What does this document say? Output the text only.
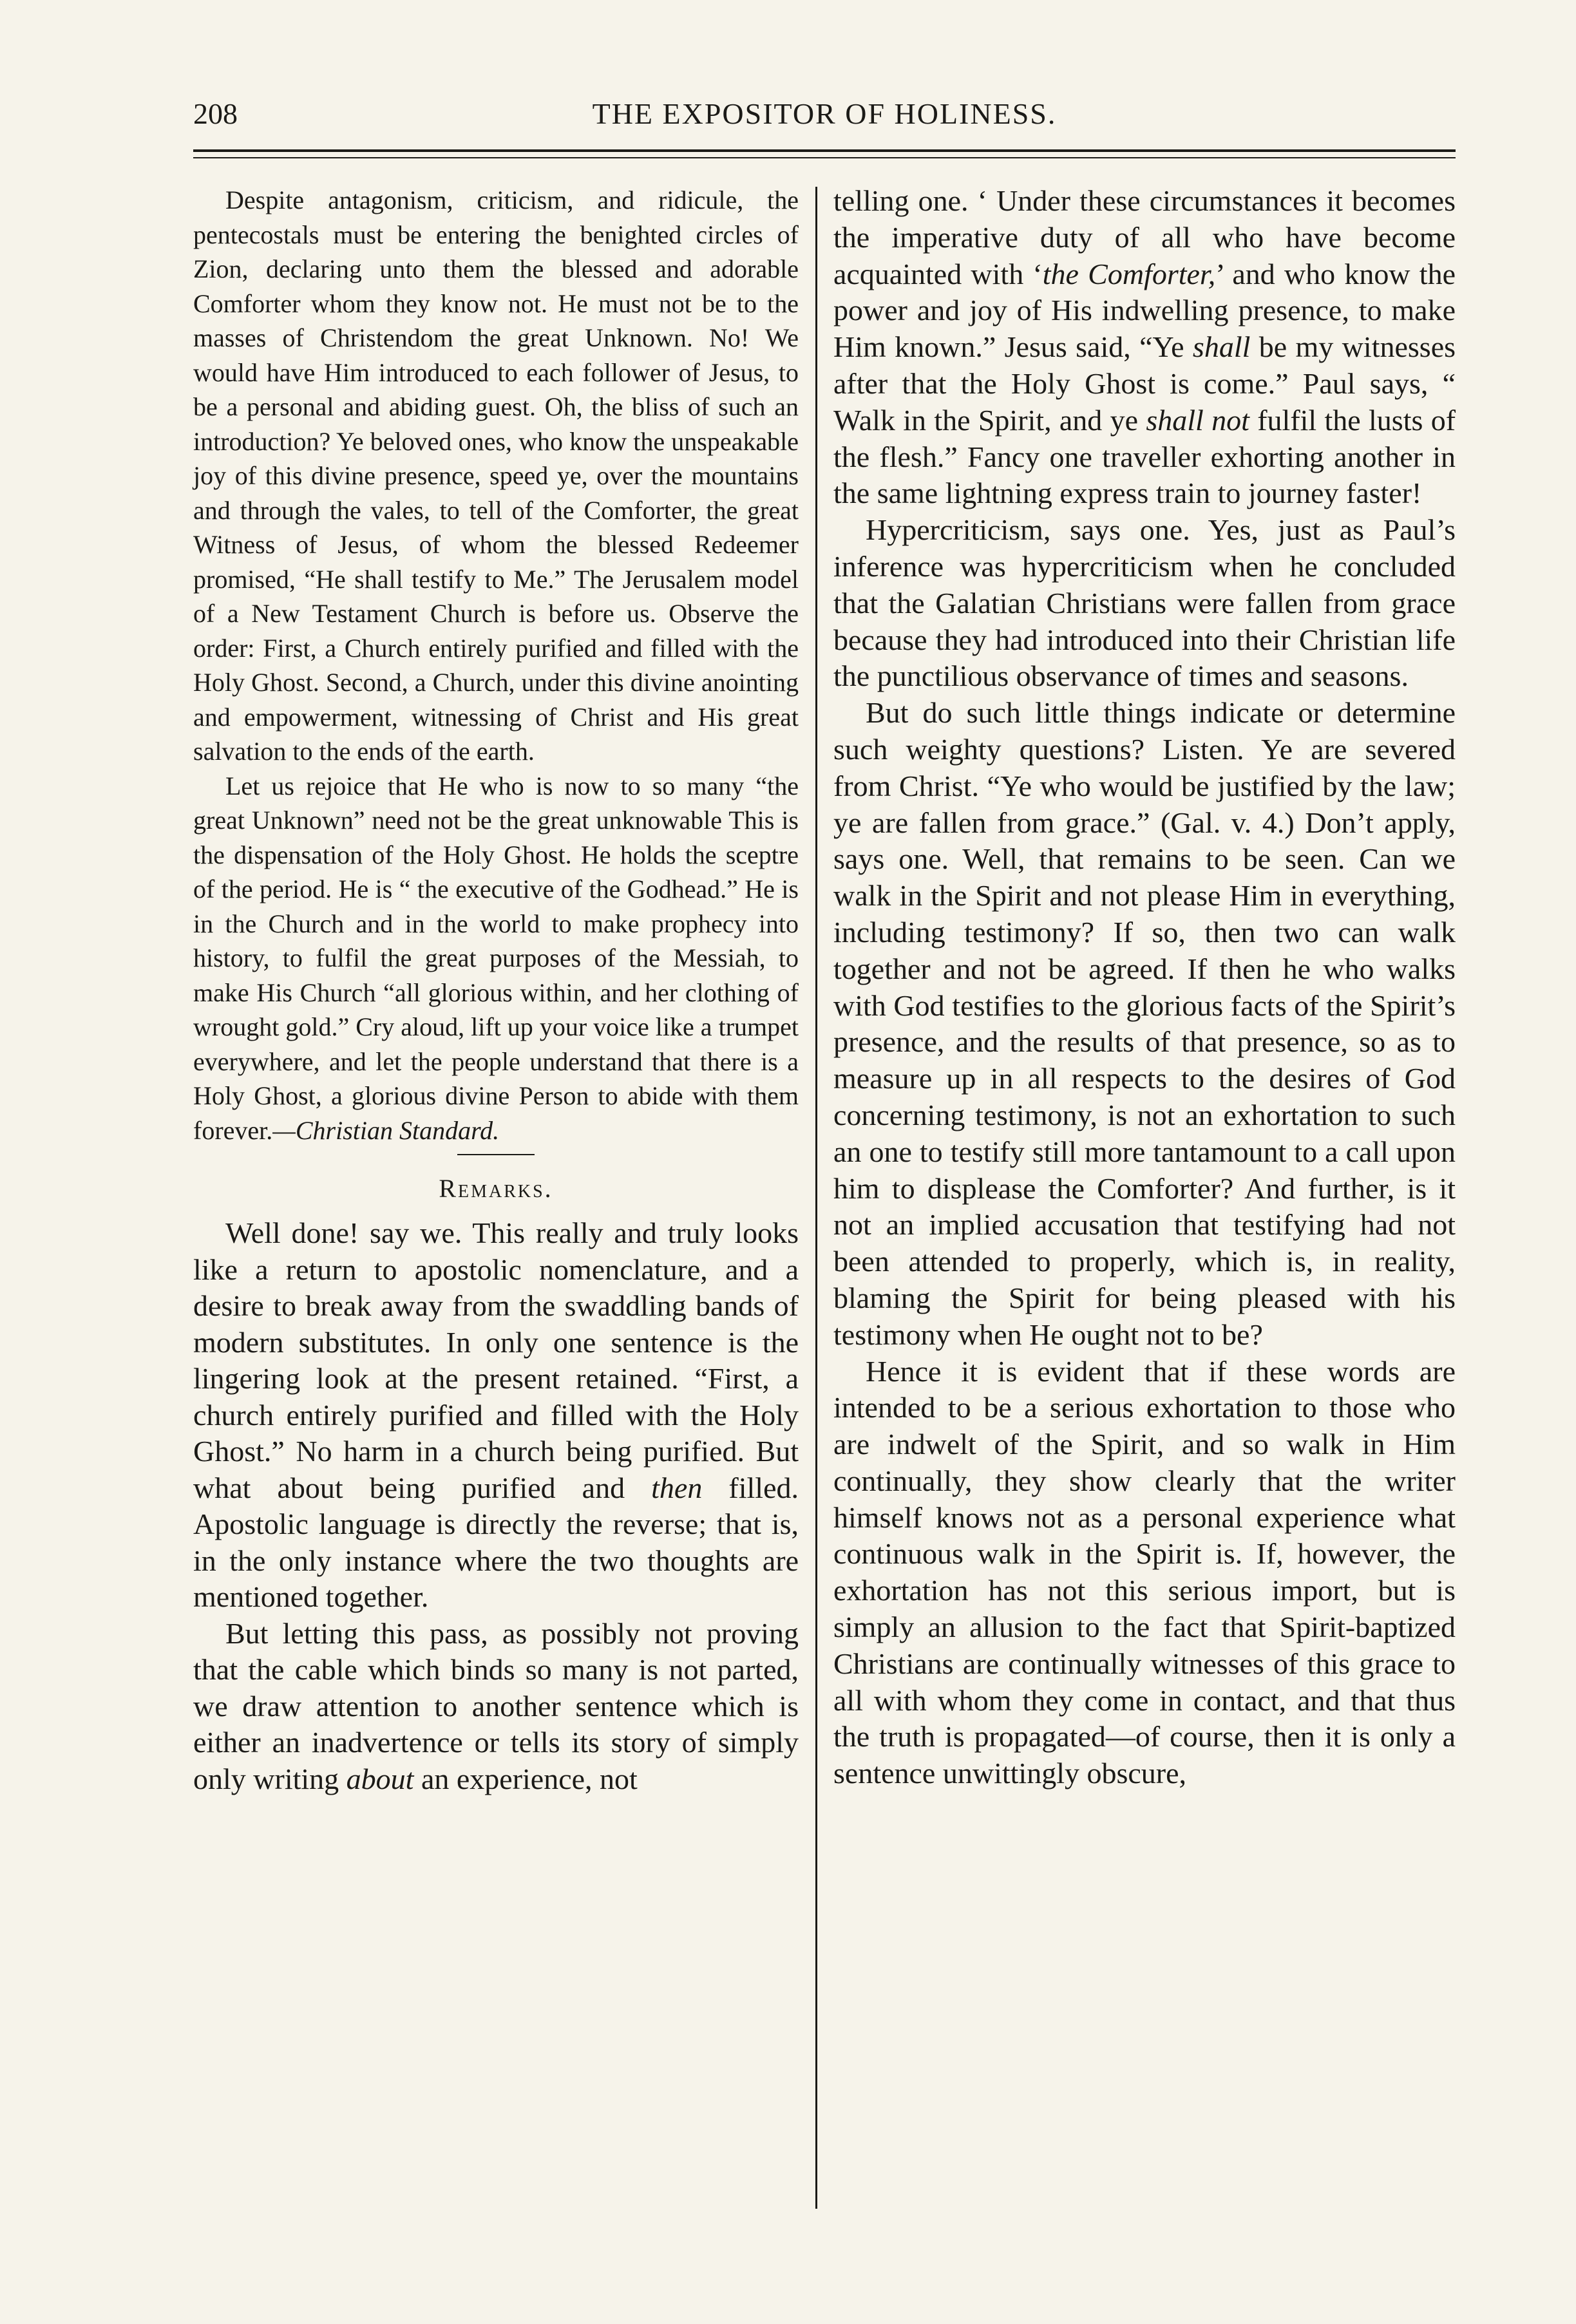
208	THE EXPOSITOR OF HOLINESS.

Despite antagonism, criticism, and ridicule, the pentecostals must be entering the benighted circles of Zion, declaring unto them the blessed and adorable Comforter whom they know not. He must not be to the masses of Christendom the great Unknown. No! We would have Him introduced to each follower of Jesus, to be a personal and abiding guest. Oh, the bliss of such an introduction? Ye beloved ones, who know the unspeakable joy of this divine presence, speed ye, over the mountains and through the vales, to tell of the Comforter, the great Witness of Jesus, of whom the blessed Redeemer promised, “He shall testify to Me.” The Jerusalem model of a New Testament Church is before us. Observe the order: First, a Church entirely purified and filled with the Holy Ghost. Second, a Church, under this divine anointing and empowerment, witnessing of Christ and His great salvation to the ends of the earth.

Let us rejoice that He who is now to so many “the great Unknown” need not be the great unknowable This is the dispensation of the Holy Ghost. He holds the sceptre of the period. He is “ the executive of the Godhead.” He is in the Church and in the world to make prophecy into history, to fulfil the great purposes of the Messiah, to make His Church “all glorious within, and her clothing of wrought gold.” Cry aloud, lift up your voice like a trumpet everywhere, and let the people understand that there is a Holy Ghost, a glorious divine Person to abide with them forever.—Christian Standard.

Remarks.

Well done! say we. This really and truly looks like a return to apostolic nomenclature, and a desire to break away from the swaddling bands of modern substitutes. In only one sentence is the lingering look at the present retained. “First, a church entirely purified and filled with the Holy Ghost.” No harm in a church being purified. But what about being purified and then filled. Apostolic language is directly the reverse; that is, in the only instance where the two thoughts are mentioned together.

But letting this pass, as possibly not proving that the cable which binds so many is not parted, we draw attention to another sentence which is either an inadvertence or tells its story of simply only writing about an experience, not

telling one. ‘ Under these circumstances it becomes the imperative duty of all who have become acquainted with ‘the Comforter,’ and who know the power and joy of His indwelling presence, to make Him known.” Jesus said, “Ye shall be my witnesses after that the Holy Ghost is come.” Paul says, “ Walk in the Spirit, and ye shall not fulfil the lusts of the flesh.” Fancy one traveller exhorting another in the same lightning express train to journey faster!

Hypercriticism, says one. Yes, just as Paul’s inference was hypercriticism when he concluded that the Galatian Christians were fallen from grace because they had introduced into their Christian life the punctilious observance of times and seasons.

But do such little things indicate or determine such weighty questions? Listen. Ye are severed from Christ. “Ye who would be justified by the law; ye are fallen from grace.” (Gal. v. 4.) Don’t apply, says one. Well, that remains to be seen. Can we walk in the Spirit and not please Him in everything, including testimony? If so, then two can walk together and not be agreed. If then he who walks with God testifies to the glorious facts of the Spirit’s presence, and the results of that presence, so as to measure up in all respects to the desires of God concerning testimony, is not an exhortation to such an one to testify still more tantamount to a call upon him to displease the Comforter? And further, is it not an implied accusation that testifying had not been attended to properly, which is, in reality, blaming the Spirit for being pleased with his testimony when He ought not to be?

Hence it is evident that if these words are intended to be a serious exhortation to those who are indwelt of the Spirit, and so walk in Him continually, they show clearly that the writer himself knows not as a personal experience what continuous walk in the Spirit is. If, however, the exhortation has not this serious import, but is simply an allusion to the fact that Spirit-baptized Christians are continually witnesses of this grace to all with whom they come in contact, and that thus the truth is propagated—of course, then it is only a sentence unwittingly obscure,
